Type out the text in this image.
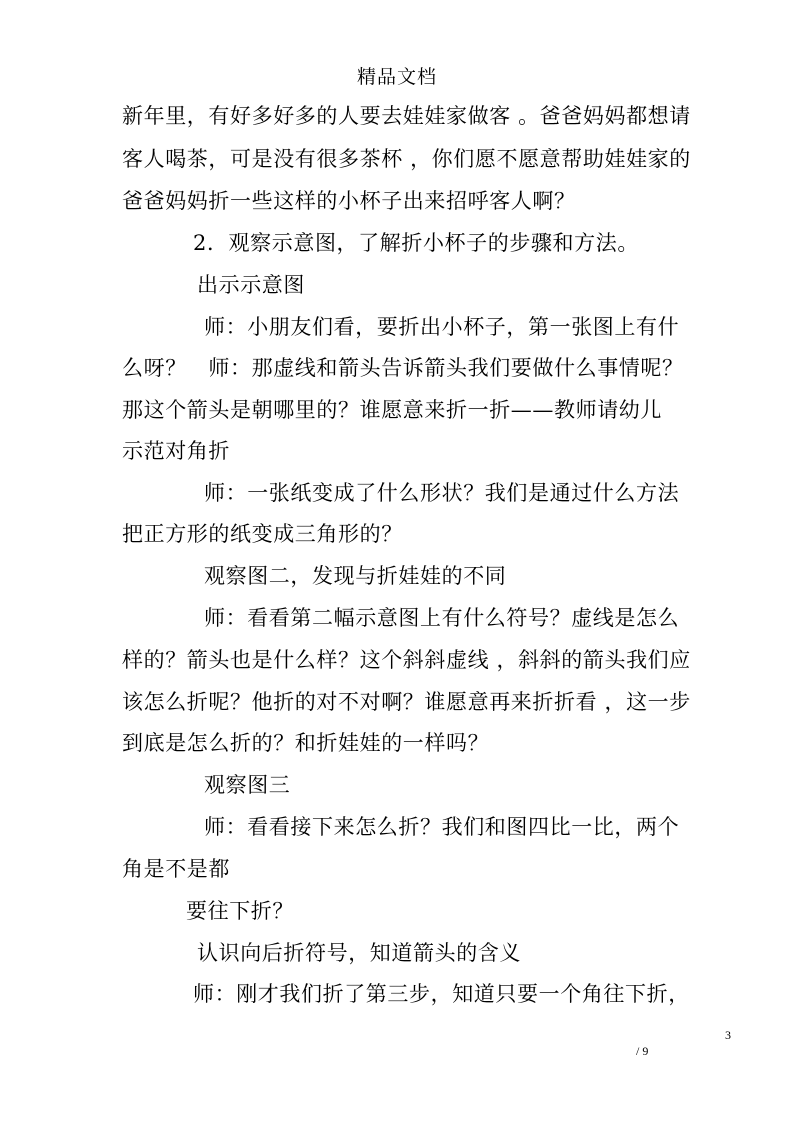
精品文档
新年里，有好多好多的人要去娃娃家做客 。爸爸妈妈都想请
客人喝茶，可是没有很多茶杯 ，你们愿不愿意帮助娃娃家的
爸爸妈妈折一些这样的小杯子出来招呼客人啊？
2．观察示意图，了解折小杯子的步骤和方法。
出示示意图
师：小朋友们看，要折出小杯子，第一张图上有什
么呀？　师：那虚线和箭头告诉箭头我们要做什么事情呢？
那这个箭头是朝哪里的？谁愿意来折一折——教师请幼儿
示范对角折
师：一张纸变成了什么形状？我们是通过什么方法
把正方形的纸变成三角形的？
观察图二，发现与折娃娃的不同
师：看看第二幅示意图上有什么符号？虚线是怎么
样的？箭头也是什么样？这个斜斜虚线 ，斜斜的箭头我们应
该怎么折呢？他折的对不对啊？谁愿意再来折折看 ，这一步
到底是怎么折的？和折娃娃的一样吗？
观察图三
师：看看接下来怎么折？我们和图四比一比，两个
角是不是都
要往下折？
认识向后折符号，知道箭头的含义
师：刚才我们折了第三步，知道只要一个角往下折，
3
/ 9
